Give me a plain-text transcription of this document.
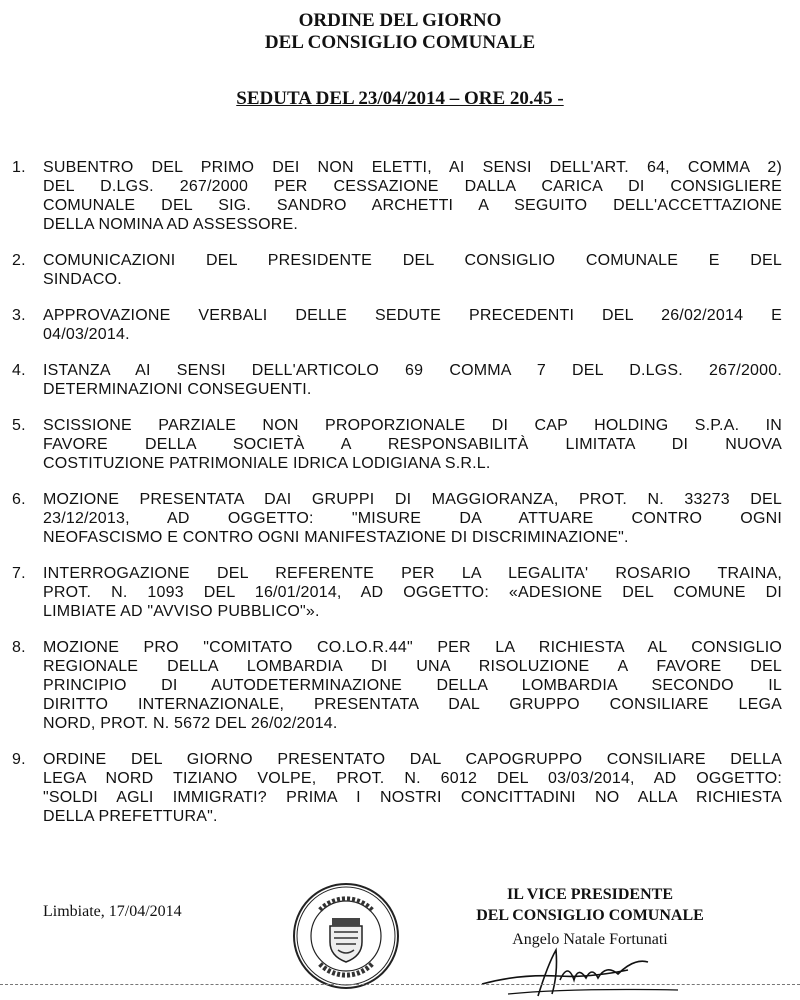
ORDINE DEL GIORNO
DEL CONSIGLIO COMUNALE
SEDUTA DEL 23/04/2014 – ORE 20.45 -
1. SUBENTRO DEL PRIMO DEI NON ELETTI, AI SENSI DELL'ART. 64, COMMA 2)
DEL D.LGS. 267/2000 PER CESSAZIONE DALLA CARICA DI CONSIGLIERE
COMUNALE DEL SIG. SANDRO ARCHETTI A SEGUITO DELL'ACCETTAZIONE
DELLA NOMINA AD ASSESSORE.
2. COMUNICAZIONI DEL PRESIDENTE DEL CONSIGLIO COMUNALE E DEL
SINDACO.
3. APPROVAZIONE VERBALI DELLE SEDUTE PRECEDENTI DEL 26/02/2014 E
04/03/2014.
4. ISTANZA AI SENSI DELL'ARTICOLO 69 COMMA 7 DEL D.LGS. 267/2000.
DETERMINAZIONI CONSEGUENTI.
5. SCISSIONE PARZIALE NON PROPORZIONALE DI CAP HOLDING S.P.A. IN
FAVORE DELLA SOCIETÀ A RESPONSABILITÀ LIMITATA DI NUOVA
COSTITUZIONE PATRIMONIALE IDRICA LODIGIANA S.R.L.
6. MOZIONE PRESENTATA DAI GRUPPI DI MAGGIORANZA, PROT. N. 33273 DEL
23/12/2013, AD OGGETTO: "MISURE DA ATTUARE CONTRO OGNI
NEOFASCISMO E CONTRO OGNI MANIFESTAZIONE DI DISCRIMINAZIONE".
7. INTERROGAZIONE DEL REFERENTE PER LA LEGALITA' ROSARIO TRAINA,
PROT. N. 1093 DEL 16/01/2014, AD OGGETTO: «ADESIONE DEL COMUNE DI
LIMBIATE AD "AVVISO PUBBLICO"».
8. MOZIONE PRO "COMITATO CO.LO.R.44" PER LA RICHIESTA AL CONSIGLIO
REGIONALE DELLA LOMBARDIA DI UNA RISOLUZIONE A FAVORE DEL
PRINCIPIO DI AUTODETERMINAZIONE DELLA LOMBARDIA SECONDO IL
DIRITTO INTERNAZIONALE, PRESENTATA DAL GRUPPO CONSILIARE LEGA
NORD, PROT. N. 5672 DEL 26/02/2014.
9. ORDINE DEL GIORNO PRESENTATO DAL CAPOGRUPPO CONSILIARE DELLA
LEGA NORD TIZIANO VOLPE, PROT. N. 6012 DEL 03/03/2014, AD OGGETTO:
"SOLDI AGLI IMMIGRATI? PRIMA I NOSTRI CONCITTADINI NO ALLA RICHIESTA
DELLA PREFETTURA".
Limbiate, 17/04/2014
IL VICE PRESIDENTE
DEL CONSIGLIO COMUNALE
Angelo Natale Fortunati
